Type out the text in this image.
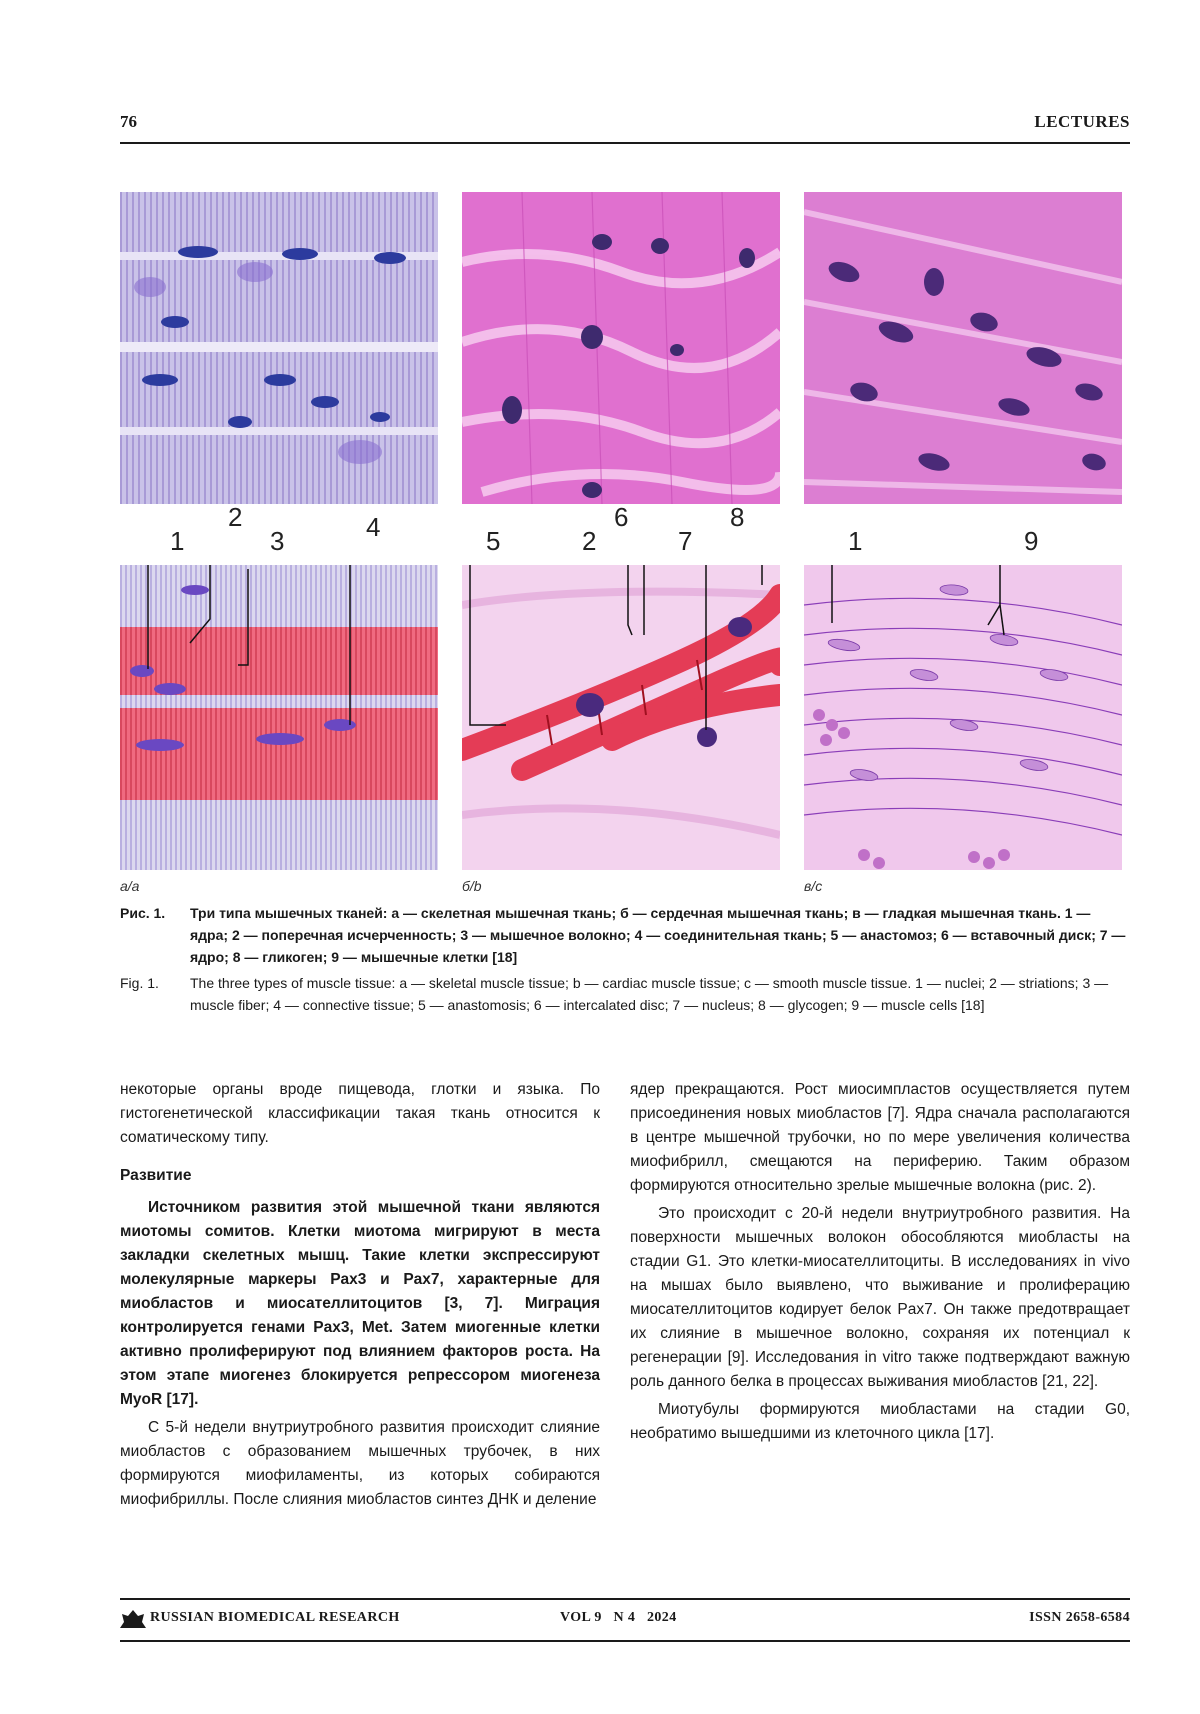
76	LECTURES
1
2
3	4	5	2
6
7
8
1	9
а/a	б/b	в/c
Рис. 1. Три типа мышечных тканей: а — скелетная мышечная ткань; б — сердечная мышечная ткань; в — гладкая мышечная ткань. 1 — ядра; 2 — поперечная исчерченность; 3 — мышечное волокно; 4 — соединительная ткань; 5 — анастомоз; 6 — вставочный диск; 7 — ядро; 8 — гликоген; 9 — мышечные клетки [18]
Fig. 1. The three types of muscle tissue: a — skeletal muscle tissue; b — cardiac muscle tissue; c — smooth muscle tissue. 1 — nuclei; 2 — striations; 3 — muscle fiber; 4 — connective tissue; 5 — anastomosis; 6 — intercalated disc; 7 — nucleus; 8 — glycogen; 9 — muscle cells [18]

некоторые органы вроде пищевода, глотки и языка. По гистогенетической классификации такая ткань относится к соматическому типу.

Развитие

Источником развития этой мышечной ткани являются миотомы сомитов. Клетки миотома мигрируют в места закладки скелетных мышц. Такие клетки экспрессируют молекулярные маркеры Pax3 и Pax7, характерные для миобластов и миосателлитоцитов [3, 7]. Миграция контролируется генами Pax3, Met. Затем миогенные клетки активно пролиферируют под влиянием факторов роста. На этом этапе миогенез блокируется репрессором миогенеза MyoR [17].

С 5-й недели внутриутробного развития происходит слияние миобластов с образованием мышечных трубочек, в них формируются миофиламенты, из которых собираются миофибриллы. После слияния миобластов синтез ДНК и деление

ядер прекращаются. Рост миосимпластов осуществляется путем присоединения новых миобластов [7]. Ядра сначала располагаются в центре мышечной трубочки, но по мере увеличения количества миофибрилл, смещаются на периферию. Таким образом формируются относительно зрелые мышечные волокна (рис. 2).

Это происходит с 20-й недели внутриутробного развития. На поверхности мышечных волокон обособляются миобласты на стадии G1. Это клетки-миосателлитоциты. В исследованиях in vivo на мышах было выявлено, что выживание и пролиферацию миосателлитоцитов кодирует белок Pax7. Он также предотвращает их слияние в мышечное волокно, сохраняя их потенциал к регенерации [9]. Исследования in vitro также подтверждают важную роль данного белка в процессах выживания миобластов [21, 22].

Миотубулы формируются миобластами на стадии G0, необратимо вышедшими из клеточного цикла [17].

RUSSIAN BIOMEDICAL RESEARCH	VOL 9   N 4   2024	ISSN 2658-6584
